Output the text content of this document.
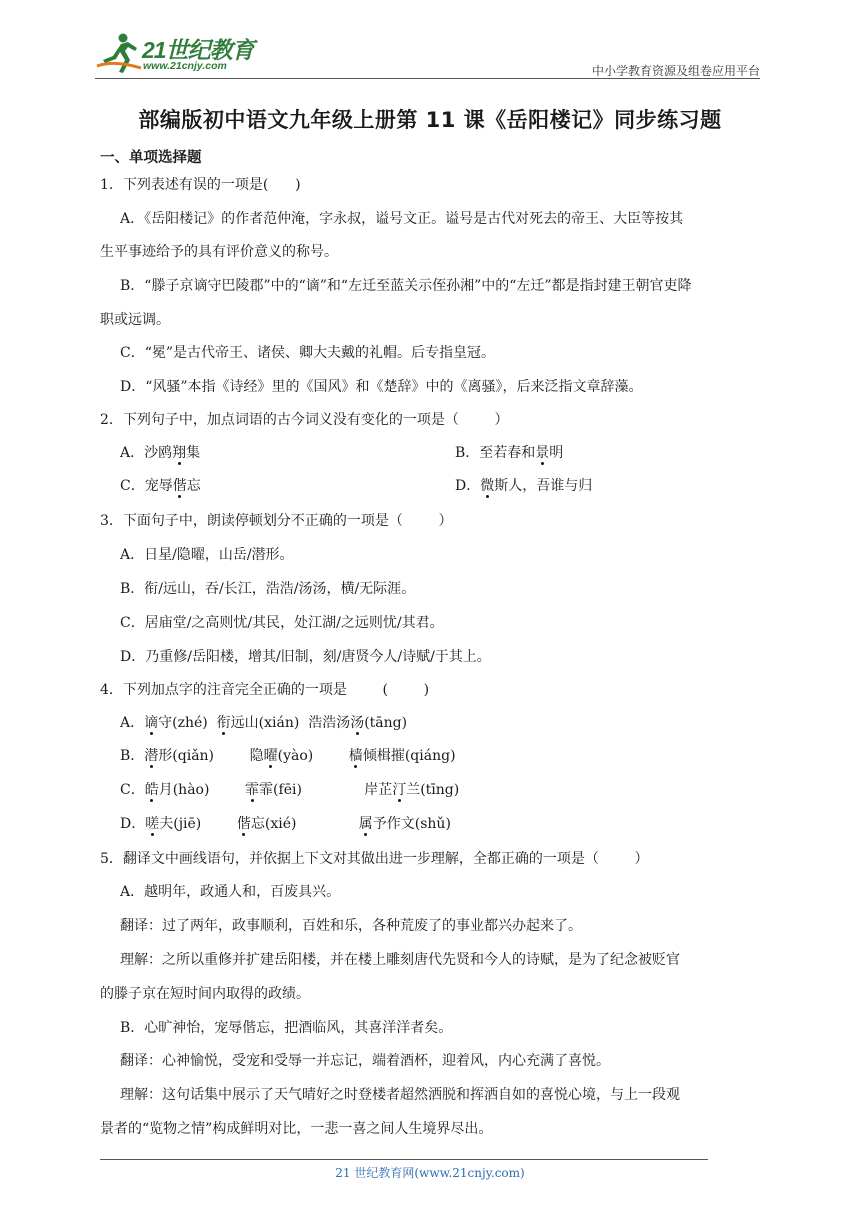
21世纪教育
www.21cnjy.com	中小学教育资源及组卷应用平台
部编版初中语文九年级上册第 11 课《岳阳楼记》同步练习题
一、单项选择题
1．下列表述有误的一项是(      )
A．《岳阳楼记》的作者范仲淹，字永叔，谥号文正。谥号是古代对死去的帝王、大臣等按其
生平事迹给予的具有评价意义的称号。
B．“滕子京谪守巴陵郡”中的“谪”和“左迁至蓝关示侄孙湘”中的“左迁”都是指封建王朝官吏降
职或远调。
C．“冕”是古代帝王、诸侯、卿大夫戴的礼帽。后专指皇冠。
D．“风骚”本指《诗经》里的《国风》和《楚辞》中的《离骚》，后来泛指文章辞藻。
2．下列句子中，加点词语的古今词义没有变化的一项是（        ）
A．沙鸥翔集	B．至若春和景明
C．宠辱偕忘	D．微斯人，吾谁与归
3．下面句子中，朗读停顿划分不正确的一项是（        ）
A．日星/隐曜，山岳/潜形。
B．衔/远山，吞/长江，浩浩/汤汤，横/无际涯。
C．居庙堂/之高则忧/其民，处江湖/之远则忧/其君。
D．乃重修/岳阳楼，增其/旧制，刻/唐贤今人/诗赋/于其上。
4．下列加点字的注音完全正确的一项是        (        )
A．谪守(zhé)  衔远山(xián)  浩浩汤汤(tāng)
B．潜形(qiǎn)        隐曜(yào)        樯倾楫摧(qiáng)
C．皓月(hào)        霏霏(fēi)              岸芷汀兰(tīng)
D．嗟夫(jiē)        偕忘(xié)              属予作文(shǔ)
5．翻译文中画线语句，并依据上下文对其做出进一步理解，全都正确的一项是（        ）
A．越明年，政通人和，百废具兴。
翻译：过了两年，政事顺利，百姓和乐，各种荒废了的事业都兴办起来了。
理解：之所以重修并扩建岳阳楼，并在楼上雕刻唐代先贤和今人的诗赋，是为了纪念被贬官
的滕子京在短时间内取得的政绩。
B．心旷神怡，宠辱偕忘，把酒临风，其喜洋洋者矣。
翻译：心神愉悦，受宠和受辱一并忘记，端着酒杯，迎着风，内心充满了喜悦。
理解：这句话集中展示了天气晴好之时登楼者超然洒脱和挥洒自如的喜悦心境，与上一段观
景者的“览物之情”构成鲜明对比，一悲一喜之间人生境界尽出。
21 世纪教育网(www.21cnjy.com)
